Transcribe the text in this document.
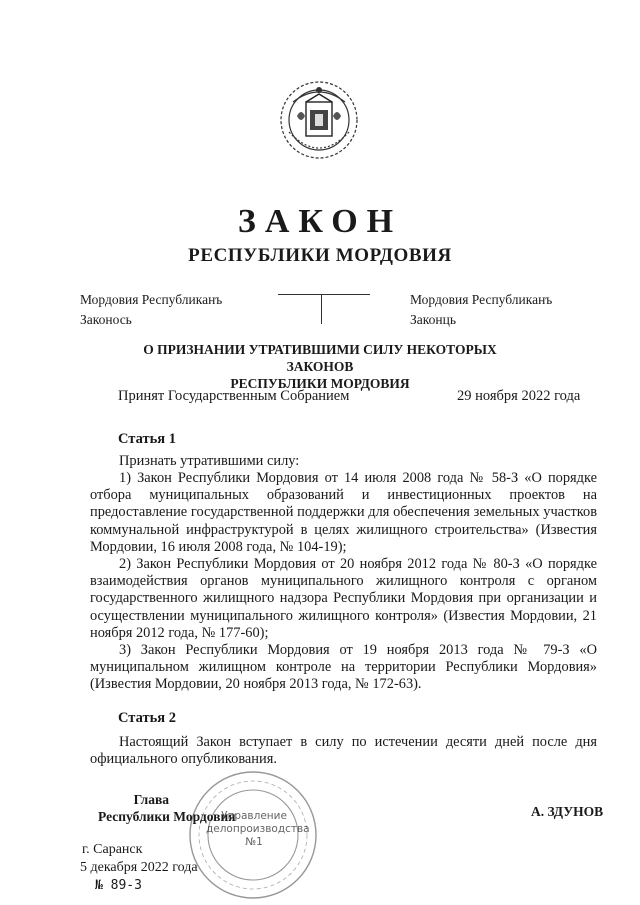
ЗАКОН
РЕСПУБЛИКИ МОРДОВИЯ
Мордовия Республиканъ
Законось
Мордовия Республиканъ
Законць
О ПРИЗНАНИИ УТРАТИВШИМИ СИЛУ НЕКОТОРЫХ ЗАКОНОВ
РЕСПУБЛИКИ МОРДОВИЯ
Принят Государственным Собранием	29 ноября 2022 года
Статья 1
Признать утратившими силу:
1) Закон Республики Мордовия от 14 июля 2008 года № 58-З «О порядке отбора муниципальных образований и инвестиционных проектов на предоставление государственной поддержки для обеспечения земельных участков коммунальной инфраструктурой в целях жилищного строительства» (Известия Мордовии, 16 июля 2008 года, № 104-19);
2) Закон Республики Мордовия от 20 ноября 2012 года № 80-З «О порядке взаимодействия органов муниципального жилищного контроля с органом государственного жилищного надзора Республики Мордовия при организации и осуществлении муниципального жилищного контроля» (Известия Мордовии, 21 ноября 2012 года, № 177-60);
3) Закон Республики Мордовия от 19 ноября 2013 года № 79-З «О муниципальном жилищном контроле на территории Республики Мордовия» (Известия Мордовии, 20 ноября 2013 года, № 172-63).
Статья 2
Настоящий Закон вступает в силу по истечении десяти дней после дня официального опубликования.
Управление
делопроизводства
№1
Глава
Республики Мордовия	А. ЗДУНОВ
г. Саранск
5 декабря 2022 года
№ 89-З
